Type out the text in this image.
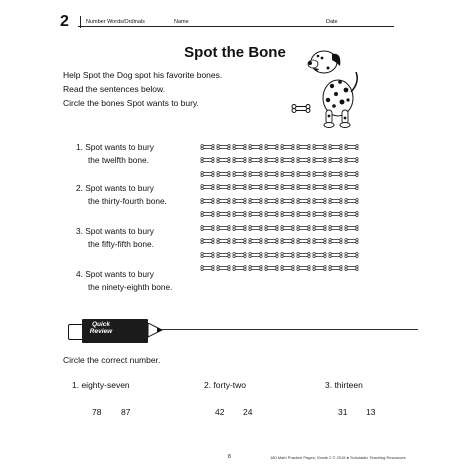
2	Number Words/Ordinals	Name	Date
Spot the Bone
Help Spot the Dog spot his favorite bones.
Read the sentences below.
Circle the bones Spot wants to bury.
1. Spot wants to bury
the twelfth bone.
2. Spot wants to bury
the thirty-fourth bone.
3. Spot wants to bury
the fifty-fifth bone.
4. Spot wants to bury
the ninety-eighth bone.
Quick
Review
Circle the correct number.
1. eighty-seven	2. forty-two	3. thirteen
78 87	42 24	31 13
8	180 Math Practice Pages, Grade 2 © 2015 ● Scholastic Teaching Resources
